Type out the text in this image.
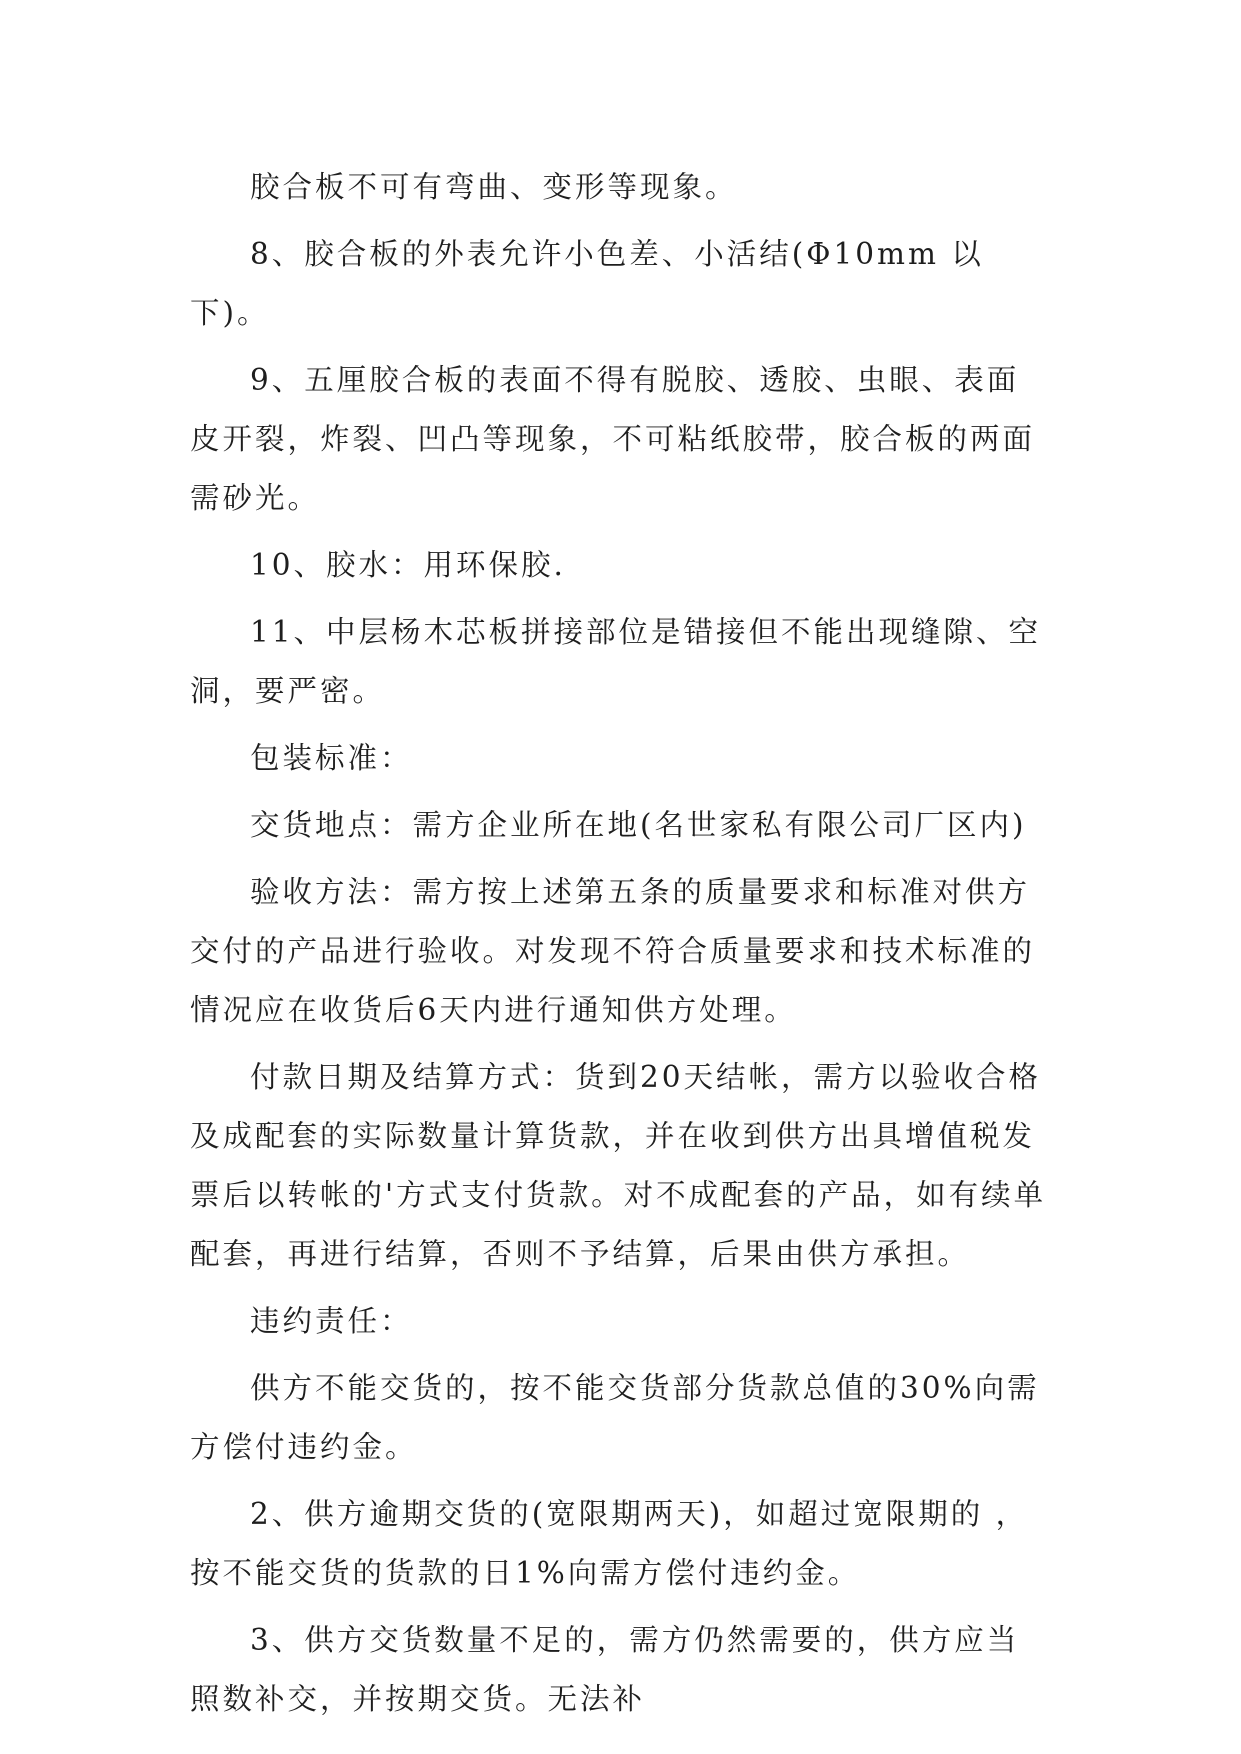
胶合板不可有弯曲、变形等现象。

8、胶合板的外表允许小色差、小活结(Φ10mm 以下)。

9、五厘胶合板的表面不得有脱胶、透胶、虫眼、表面皮开裂，炸裂、凹凸等现象，不可粘纸胶带，胶合板的两面需砂光。

10、胶水：用环保胶.

11、中层杨木芯板拼接部位是错接但不能出现缝隙、空洞，要严密。

包装标准：

交货地点：需方企业所在地(名世家私有限公司厂区内)

验收方法：需方按上述第五条的质量要求和标准对供方交付的产品进行验收。对发现不符合质量要求和技术标准的情况应在收货后6天内进行通知供方处理。

付款日期及结算方式：货到20天结帐，需方以验收合格及成配套的实际数量计算货款，并在收到供方出具增值税发票后以转帐的'方式支付货款。对不成配套的产品，如有续单配套，再进行结算，否则不予结算，后果由供方承担。

违约责任：

供方不能交货的，按不能交货部分货款总值的30%向需方偿付违约金。

2、供方逾期交货的(宽限期两天)，如超过宽限期的 ，按不能交货的货款的日1%向需方偿付违约金。

3、供方交货数量不足的，需方仍然需要的，供方应当照数补交，并按期交货。无法补
